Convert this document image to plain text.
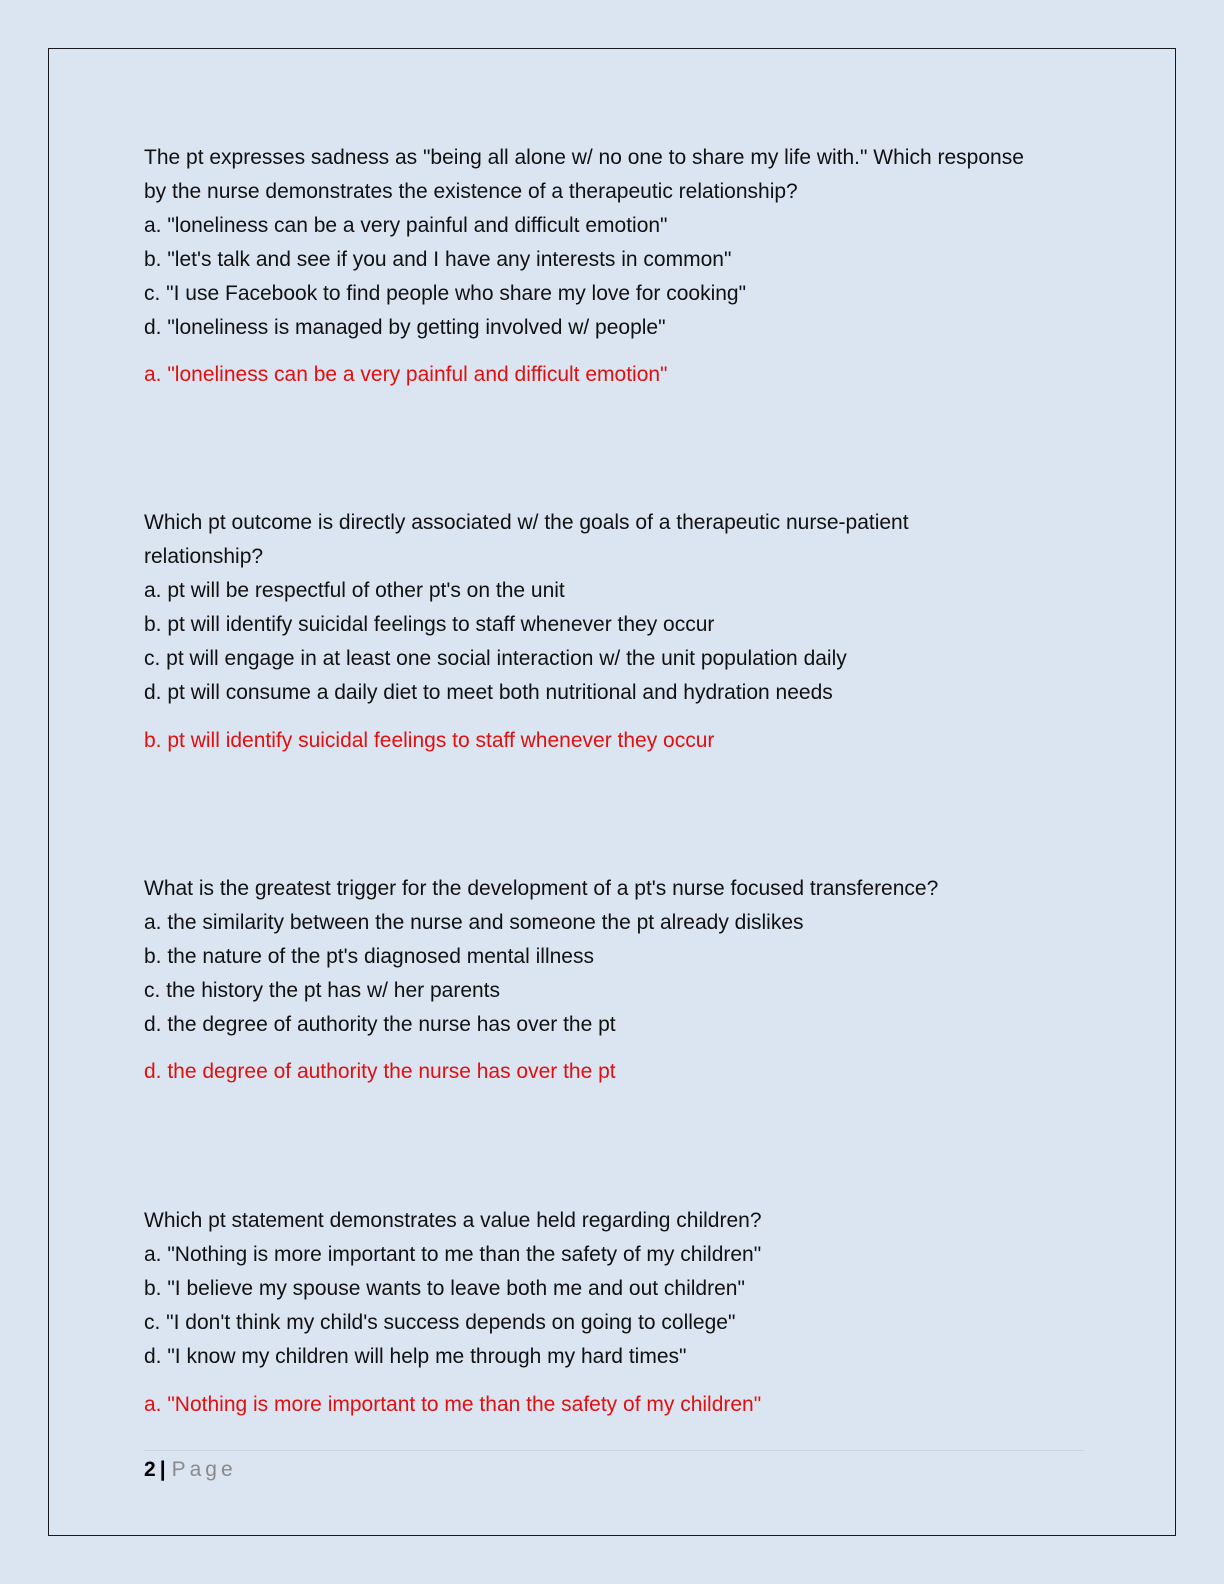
The pt expresses sadness as "being all alone w/ no one to share my life with." Which response
by the nurse demonstrates the existence of a therapeutic relationship?
a. "loneliness can be a very painful and difficult emotion"
b. "let's talk and see if you and I have any interests in common"
c. "I use Facebook to find people who share my love for cooking"
d. "loneliness is managed by getting involved w/ people"
a. "loneliness can be a very painful and difficult emotion"
Which pt outcome is directly associated w/ the goals of a therapeutic nurse-patient
relationship?
a. pt will be respectful of other pt's on the unit
b. pt will identify suicidal feelings to staff whenever they occur
c. pt will engage in at least one social interaction w/ the unit population daily
d. pt will consume a daily diet to meet both nutritional and hydration needs
b. pt will identify suicidal feelings to staff whenever they occur
What is the greatest trigger for the development of a pt's nurse focused transference?
a. the similarity between the nurse and someone the pt already dislikes
b. the nature of the pt's diagnosed mental illness
c. the history the pt has w/ her parents
d. the degree of authority the nurse has over the pt
d. the degree of authority the nurse has over the pt
Which pt statement demonstrates a value held regarding children?
a. "Nothing is more important to me than the safety of my children"
b. "I believe my spouse wants to leave both me and out children"
c. "I don't think my child's success depends on going to college"
d. "I know my children will help me through my hard times"
a. "Nothing is more important to me than the safety of my children"
2 | Page
